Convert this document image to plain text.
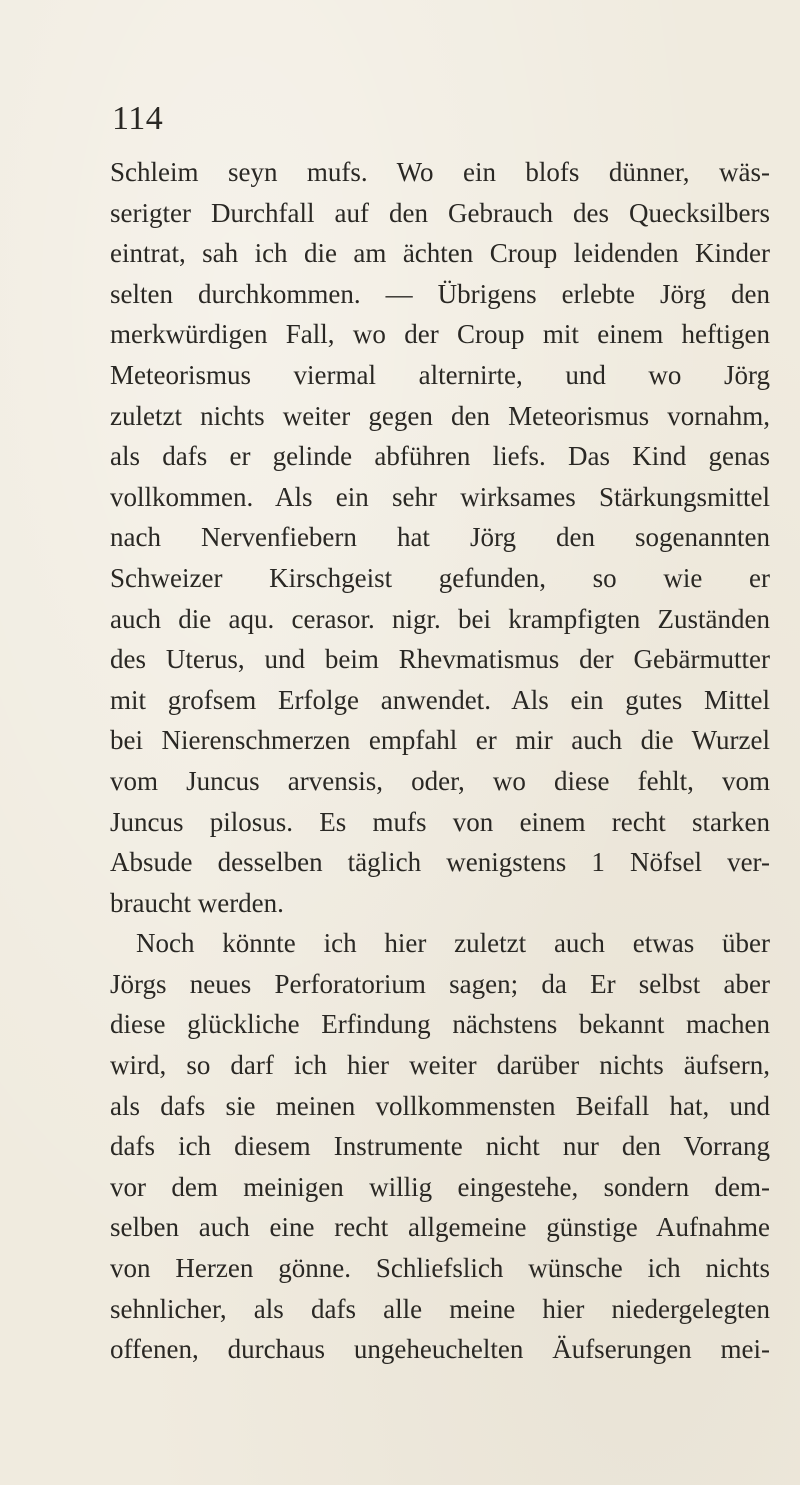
114
Schleim seyn mufs. Wo ein blofs dünner, wäs-
serigter Durchfall auf den Gebrauch des Quecksilbers
eintrat, sah ich die am ächten Croup leidenden Kinder
selten durchkommen. — Übrigens erlebte Jörg den
merkwürdigen Fall, wo der Croup mit einem heftigen
Meteorismus viermal alternirte, und wo Jörg
zuletzt nichts weiter gegen den Meteorismus vornahm,
als dafs er gelinde abführen liefs. Das Kind genas
vollkommen. Als ein sehr wirksames Stärkungsmittel
nach Nervenfiebern hat Jörg den sogenannten
Schweizer Kirschgeist gefunden, so wie er
auch die aqu. cerasor. nigr. bei krampfigten Zuständen
des Uterus, und beim Rhevmatismus der Gebärmutter
mit grofsem Erfolge anwendet. Als ein gutes Mittel
bei Nierenschmerzen empfahl er mir auch die Wurzel
vom Juncus arvensis, oder, wo diese fehlt, vom
Juncus pilosus. Es mufs von einem recht starken
Absude desselben täglich wenigstens 1 Nöfsel ver-
braucht werden.
Noch könnte ich hier zuletzt auch etwas über
Jörgs neues Perforatorium sagen; da Er selbst aber
diese glückliche Erfindung nächstens bekannt machen
wird, so darf ich hier weiter darüber nichts äufsern,
als dafs sie meinen vollkommensten Beifall hat, und
dafs ich diesem Instrumente nicht nur den Vorrang
vor dem meinigen willig eingestehe, sondern dem-
selben auch eine recht allgemeine günstige Aufnahme
von Herzen gönne. Schliefslich wünsche ich nichts
sehnlicher, als dafs alle meine hier niedergelegten
offenen, durchaus ungeheuchelten Äufserungen mei-
